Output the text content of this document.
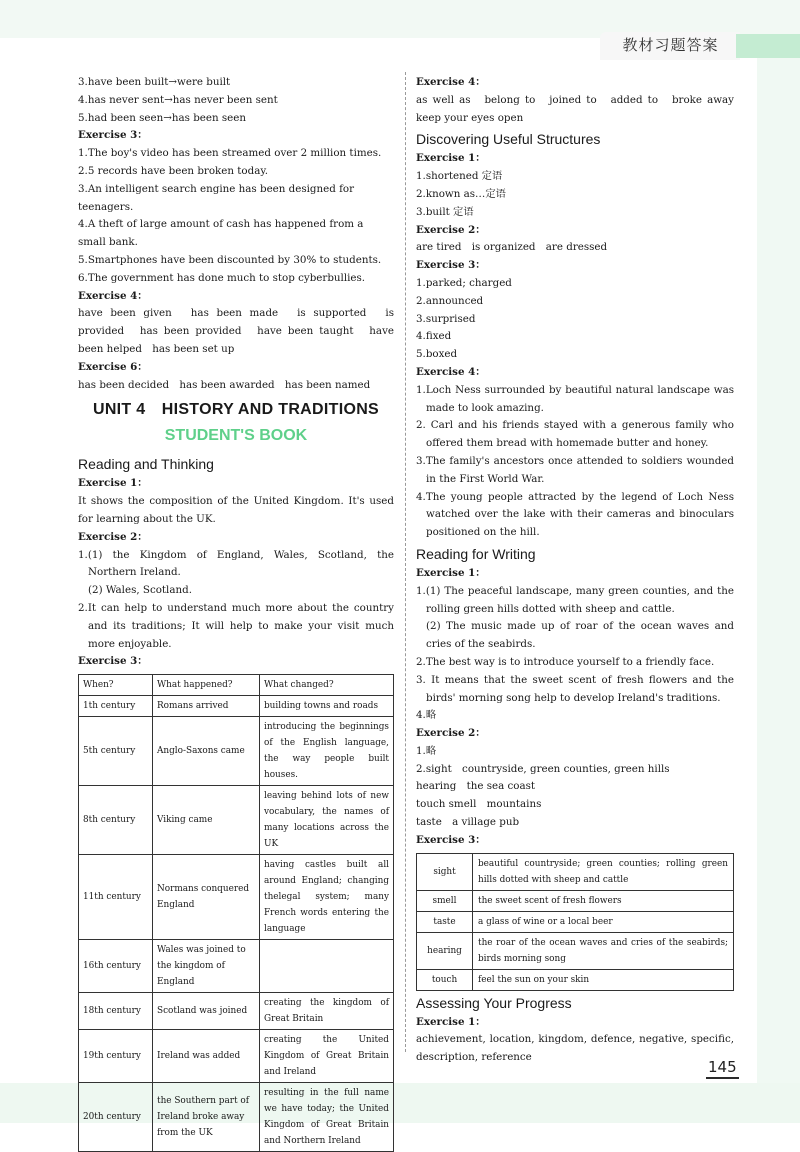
教材习题答案

3.have been built→were built

4.has never sent→has never been sent

5.had been seen→has been seen

Exercise 3：

1.The boy's video has been streamed over 2 million times.

2.5 records have been broken today.

3.An intelligent search engine has been designed for teenagers.

4.A theft of large amount of cash has happened from a small bank.

5.Smartphones have been discounted by 30% to students.

6.The government has done much to stop cyberbullies.

Exercise 4：

have been given　has been made　is supported　is provided　has been provided　have been taught　have been helped　has been set up

Exercise 6：

has been decided　has been awarded　has been named

UNIT 4　HISTORY AND TRADITIONS
STUDENT'S BOOK
Reading and Thinking

Exercise 1：

It shows the composition of the United Kingdom. It's used for learning about the UK.

Exercise 2：

1.(1) the Kingdom of England, Wales, Scotland, the Northern Ireland.

(2) Wales, Scotland.

2.It can help to understand much more about the country and its traditions; It will help to make your visit much more enjoyable.

Exercise 3：

When?	What happened?	What changed?
1th century	Romans arrived	building towns and roads
5th century	Anglo-Saxons came	introducing the beginnings of the English language, the way people built houses.
8th century	Viking came	leaving behind lots of new vocabulary, the names of many locations across the UK
11th century	Normans conquered England	having castles built all around England; changing thelegal system; many French words entering the language
16th century	Wales was joined to the kingdom of England	
18th century	Scotland was joined	creating the kingdom of Great Britain
19th century	Ireland was added	creating the United Kingdom of Great Britain and Ireland
20th century	the Southern part of Ireland broke away from the UK	resulting in the full name we have today; the United Kingdom of Great Britain and Northern Ireland

Exercise 4：

as well as　belong to　joined to　added to　broke away　keep your eyes open

Discovering Useful Structures

Exercise 1：

1.shortened 定语

2.known as…定语

3.built 定语

Exercise 2：

are tired　is organized　are dressed

Exercise 3：

1.parked; charged

2.announced

3.surprised

4.fixed

5.boxed

Exercise 4：

1.Loch Ness surrounded by beautiful natural landscape was made to look amazing.

2. Carl and his friends stayed with a generous family who offered them bread with homemade butter and honey.

3.The family's ancestors once attended to soldiers wounded in the First World War.

4.The young people attracted by the legend of Loch Ness watched over the lake with their cameras and binoculars positioned on the hill.

Reading for Writing

Exercise 1：

1.(1) The peaceful landscape, many green counties, and the rolling green hills dotted with sheep and cattle.

(2) The music made up of roar of the ocean waves and cries of the seabirds.

2.The best way is to introduce yourself to a friendly face.

3. It means that the sweet scent of fresh flowers and the birds' morning song help to develop Ireland's traditions.

4.略

Exercise 2：

1.略

2.sight　countryside, green counties, green hills

hearing　the sea coast

touch smell　mountains

taste　a village pub

Exercise 3：

sight	beautiful countryside; green counties; rolling green hills dotted with sheep and cattle
smell	the sweet scent of fresh flowers
taste	a glass of wine or a local beer
hearing	the roar of the ocean waves and cries of the seabirds; birds morning song
touch	feel the sun on your skin
Assessing Your Progress

Exercise 1：

achievement, location, kingdom, defence, negative, specific, description, reference

145
